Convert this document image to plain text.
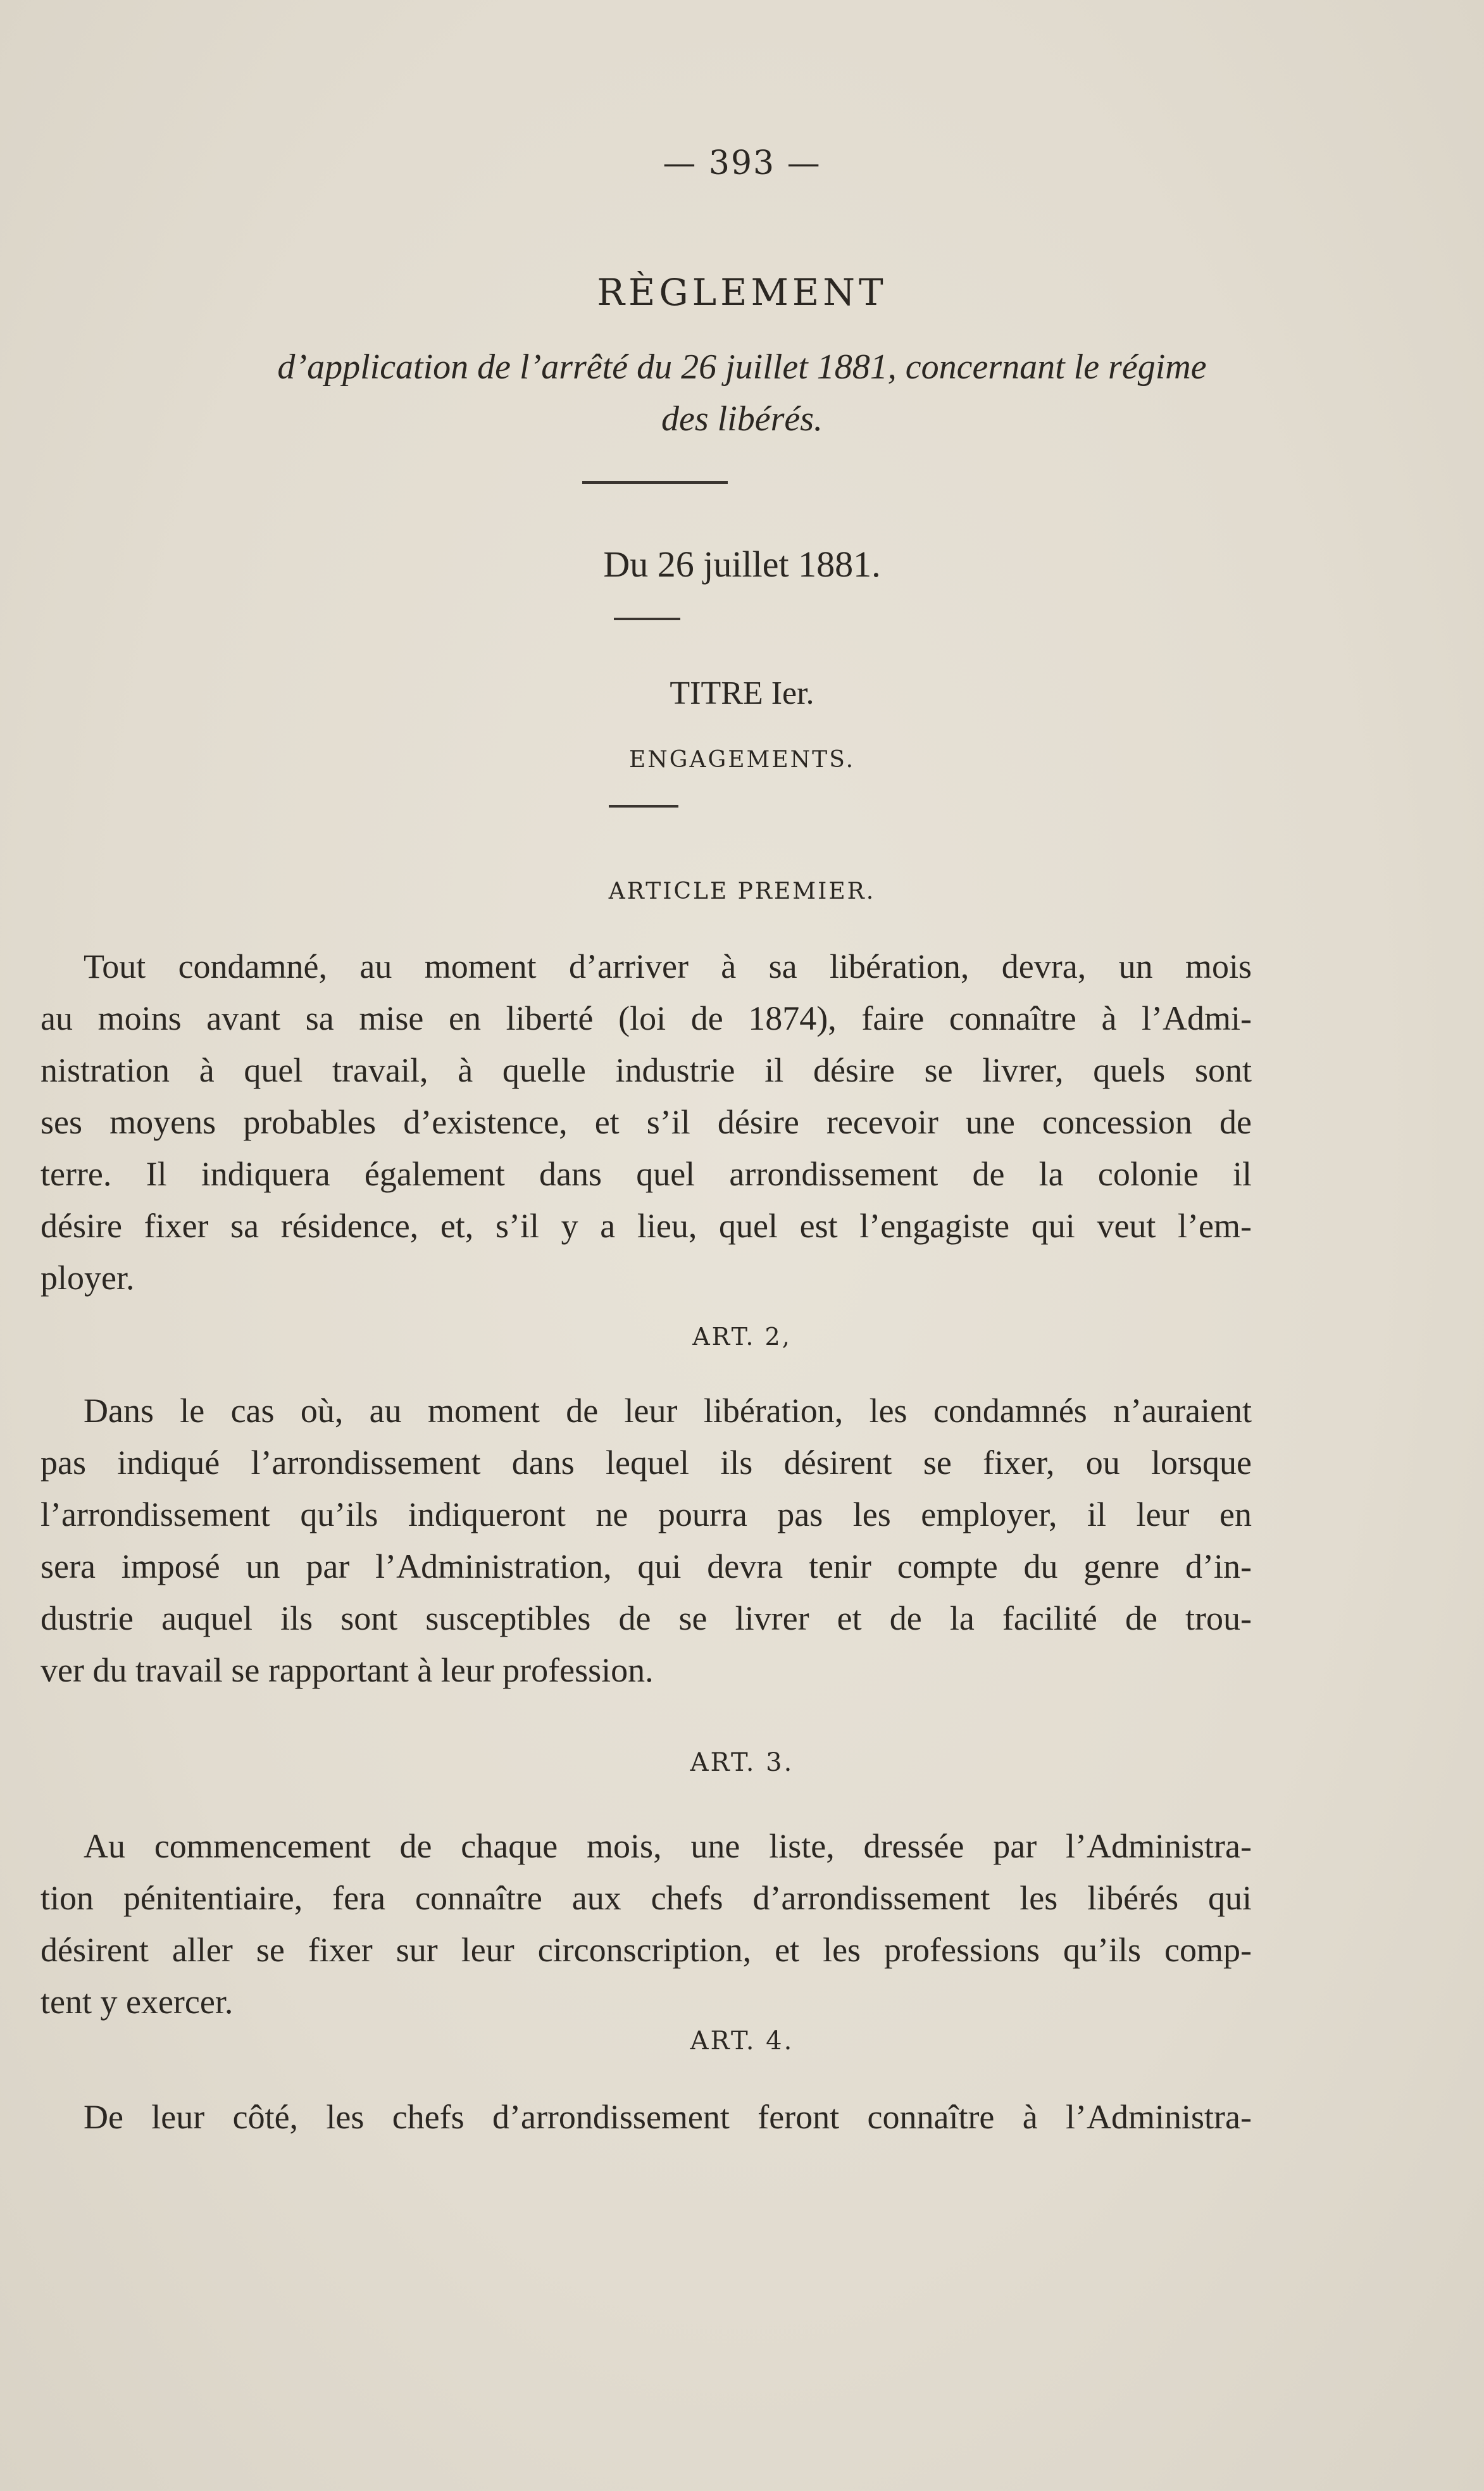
— 393 —
RÈGLEMENT
d’application de l’arrêté du 26 juillet 1881, concernant le régime
des libérés.
Du 26 juillet 1881.
TITRE Ier.
ENGAGEMENTS.
ARTICLE PREMIER.
Tout condamné, au moment d’arriver à sa libération, devra, un mois
au moins avant sa mise en liberté (loi de 1874), faire connaître à l’Admi-
nistration à quel travail, à quelle industrie il désire se livrer, quels sont
ses moyens probables d’existence, et s’il désire recevoir une concession de
terre. Il indiquera également dans quel arrondissement de la colonie il
désire fixer sa résidence, et, s’il y a lieu, quel est l’engagiste qui veut l’em-
ployer.
ART. 2,
Dans le cas où, au moment de leur libération, les condamnés n’auraient
pas indiqué l’arrondissement dans lequel ils désirent se fixer, ou lorsque
l’arrondissement qu’ils indiqueront ne pourra pas les employer, il leur en
sera imposé un par l’Administration, qui devra tenir compte du genre d’in-
dustrie auquel ils sont susceptibles de se livrer et de la facilité de trou-
ver du travail se rapportant à leur profession.
ART. 3.
Au commencement de chaque mois, une liste, dressée par l’Administra-
tion pénitentiaire, fera connaître aux chefs d’arrondissement les libérés qui
désirent aller se fixer sur leur circonscription, et les professions qu’ils comp-
tent y exercer.
ART. 4.
De leur côté, les chefs d’arrondissement feront connaître à l’Administra-
